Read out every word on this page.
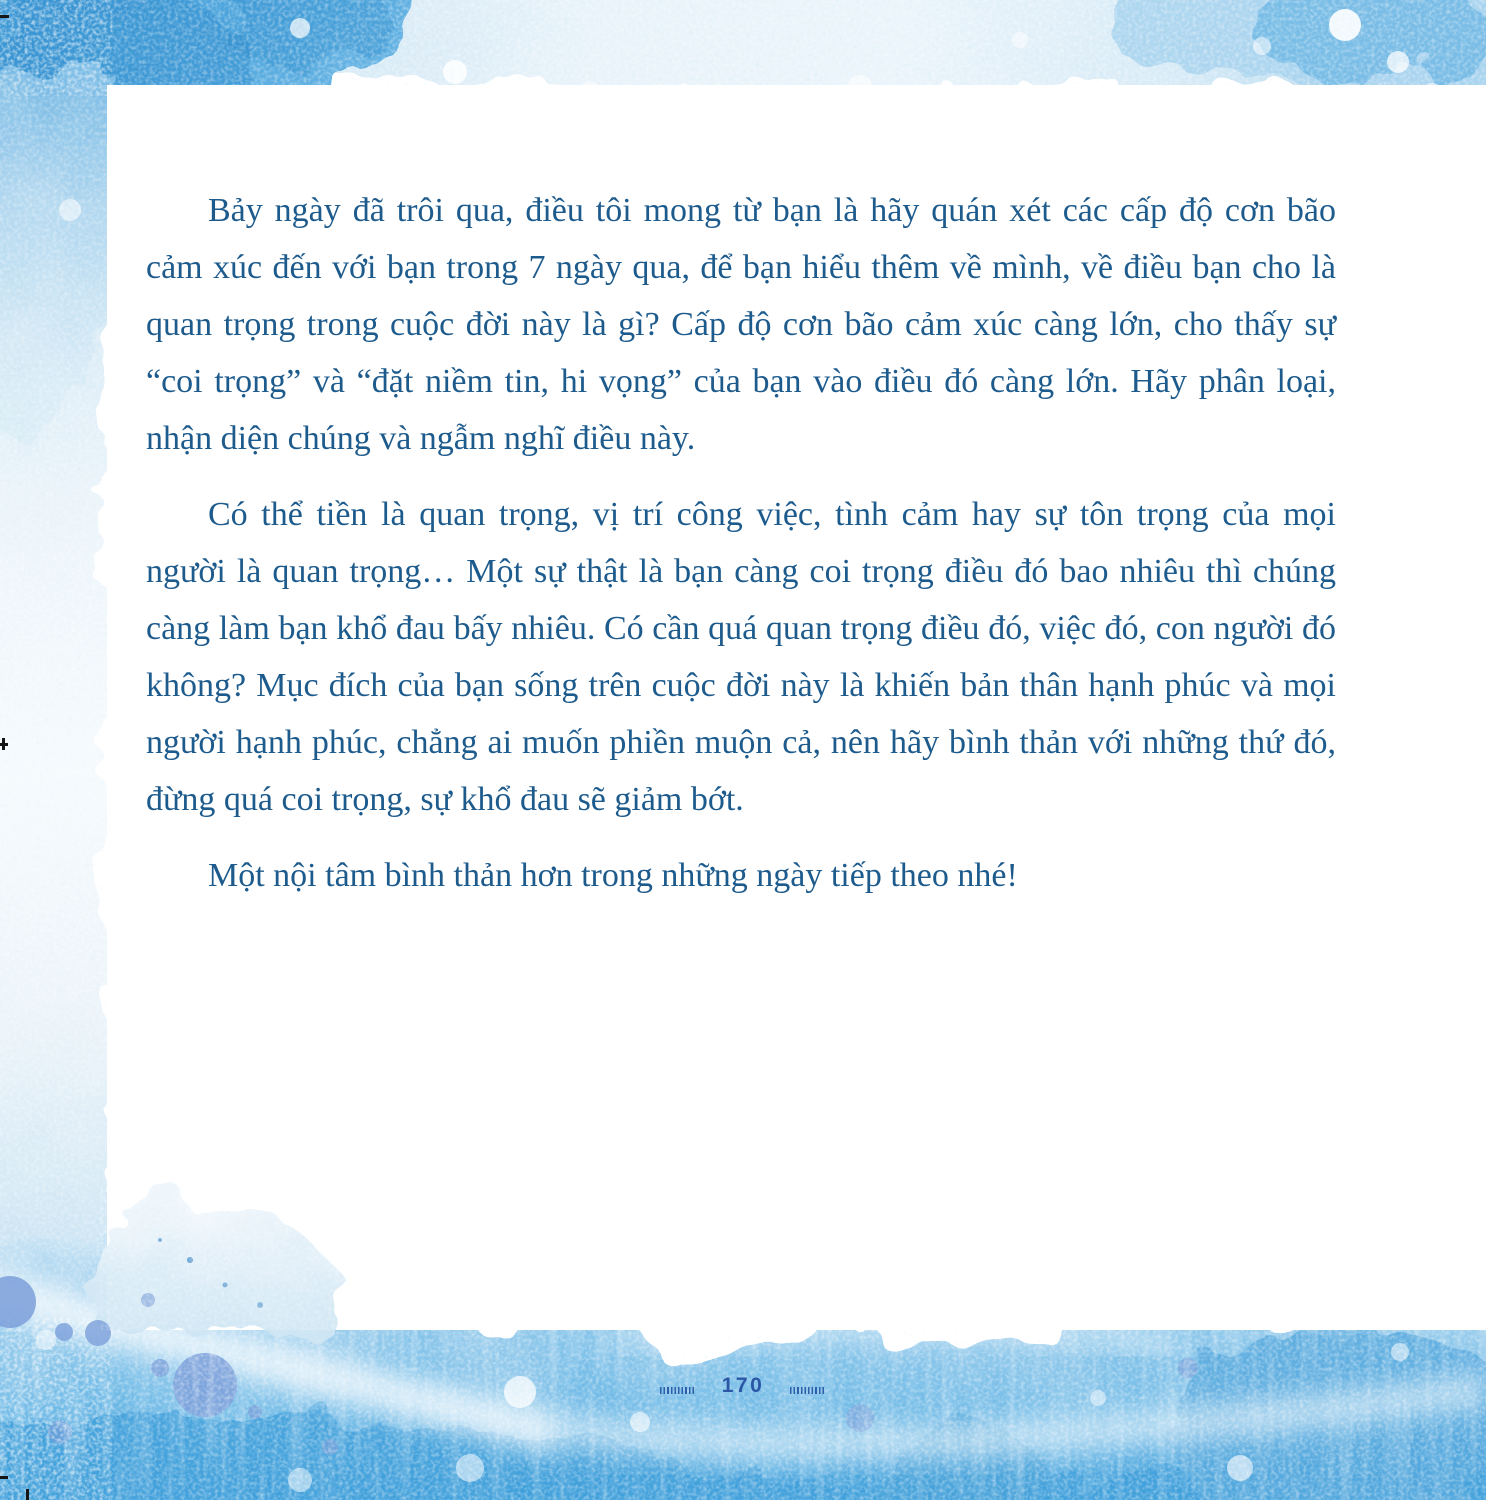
Bảy ngày đã trôi qua, điều tôi mong từ bạn là hãy quán xét các cấp độ cơn bão cảm xúc đến với bạn trong 7 ngày qua, để bạn hiểu thêm về mình, về điều bạn cho là quan trọng trong cuộc đời này là gì? Cấp độ cơn bão cảm xúc càng lớn, cho thấy sự “coi trọng” và “đặt niềm tin, hi vọng” của bạn vào điều đó càng lớn. Hãy phân loại, nhận diện chúng và ngẫm nghĩ điều này.

Có thể tiền là quan trọng, vị trí công việc, tình cảm hay sự tôn trọng của mọi người là quan trọng… Một sự thật là bạn càng coi trọng điều đó bao nhiêu thì chúng càng làm bạn khổ đau bấy nhiêu. Có cần quá quan trọng điều đó, việc đó, con người đó không? Mục đích của bạn sống trên cuộc đời này là khiến bản thân hạnh phúc và mọi người hạnh phúc, chẳng ai muốn phiền muộn cả, nên hãy bình thản với những thứ đó, đừng quá coi trọng, sự khổ đau sẽ giảm bớt.

Một nội tâm bình thản hơn trong những ngày tiếp theo nhé!

170
